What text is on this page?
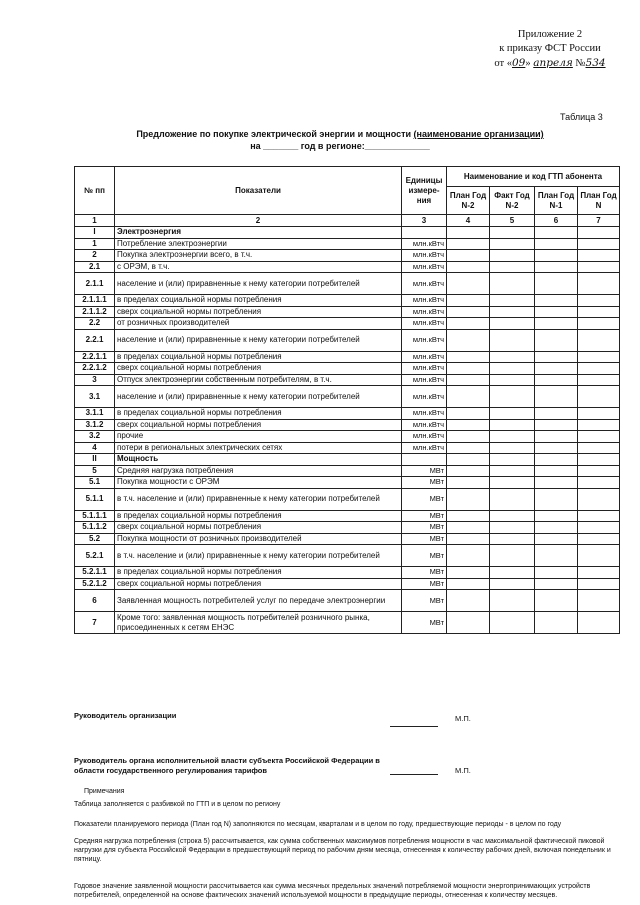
Приложение 2
к приказу ФСТ России
от «09» апреля №534
Таблица 3
Предложение по покупке электрической энергии и мощности (наименование организации)
на _______ год в регионе:_____________
№ пп	Показатели	Единицы измере- ния	Наименование и код ГТП абонента			
			План Год N-2	Факт Год N-2	План Год N-1	План Год N
1	2	3	4	5	6	7
I	Электроэнергия					
1	Потребление электроэнергии	млн.кВтч				
2	Покупка электроэнергии всего, в т.ч.	млн.кВтч				
2.1	с ОРЭМ, в т.ч.	млн.кВтч				
2.1.1	население и (или) приравненные к нему категории потребителей	млн.кВтч				
2.1.1.1	в пределах социальной нормы потребления	млн.кВтч				
2.1.1.2	сверх социальной нормы потребления	млн.кВтч				
2.2	от розничных производителей	млн.кВтч				
2.2.1	население и (или) приравненные к нему категории потребителей	млн.кВтч				
2.2.1.1	в пределах социальной нормы потребления	млн.кВтч				
2.2.1.2	сверх социальной нормы потребления	млн.кВтч				
3	Отпуск электроэнергии собственным потребителям, в т.ч.	млн.кВтч				
3.1	население и (или) приравненные к нему категории потребителей	млн.кВтч				
3.1.1	в пределах социальной нормы потребления	млн.кВтч				
3.1.2	сверх социальной нормы потребления	млн.кВтч				
3.2	прочие	млн.кВтч				
4	потери в региональных электрических сетях	млн.кВтч				
II	Мощность					
5	Средняя нагрузка потребления	МВт				
5.1	Покупка мощности с ОРЭМ	МВт				
5.1.1	в т.ч. население и (или) приравненные к нему категории потребителей	МВт				
5.1.1.1	в пределах социальной нормы потребления	МВт				
5.1.1.2	сверх социальной нормы потребления	МВт				
5.2	Покупка мощности от розничных производителей	МВт				
5.2.1	в т.ч. население и (или) приравненные к нему категории потребителей	МВт				
5.2.1.1	в пределах социальной нормы потребления	МВт				
5.2.1.2	сверх социальной нормы потребления	МВт				
6	Заявленная мощность потребителей услуг по передаче электроэнергии	МВт				
7	Кроме того: заявленная мощность потребителей розничного рынка, присоединенных к сетям ЕНЭС	МВт				
Руководитель организации	М.П.
Руководитель органа исполнительной власти субъекта Российской Федерации в области государственного регулирования тарифов	М.П.
Примечания
Таблица заполняется с разбивкой по ГТП и в целом по региону
Показатели планируемого периода (План год N) заполняются по месяцам, кварталам и в целом по году, предшествующие периоды - в целом по году
Средняя нагрузка потребления (строка 5) рассчитывается, как сумма собственных максимумов потребления мощности в час максимальной фактической пиковой нагрузки для субъекта Российской Федерации в предшествующий период по рабочим дням месяца, отнесенная к количеству рабочих дней, включая понедельник и пятницу.
Годовое значение заявленной мощности рассчитывается как сумма месячных предельных значений потребляемой мощности энергопринимающих устройств потребителей, определенной на основе фактических значений используемой мощности в предыдущие периоды, отнесенная к количеству месяцев.
